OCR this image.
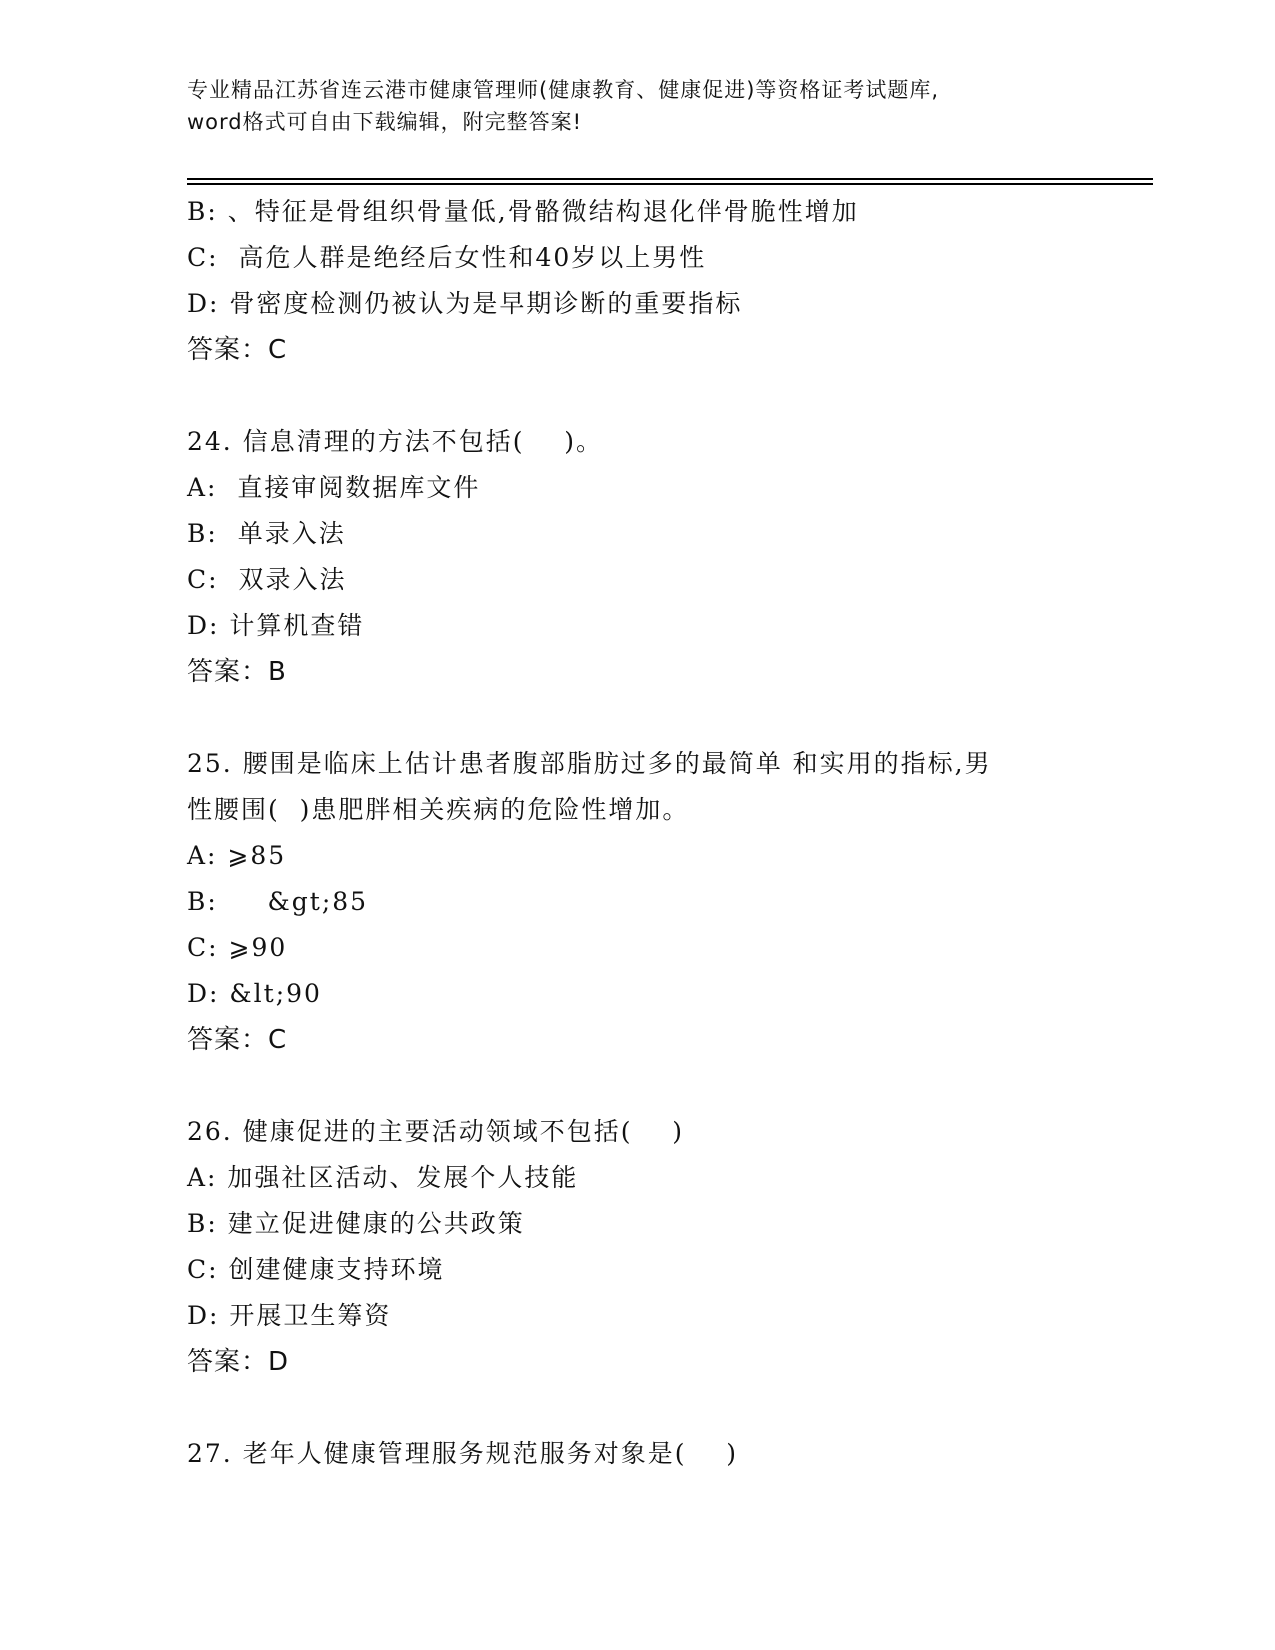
专业精品江苏省连云港市健康管理师(健康教育、健康促进)等资格证考试题库,
word格式可自由下载编辑，附完整答案!
B: 、特征是骨组织骨量低,骨骼微结构退化伴骨脆性增加
C:  高危人群是绝经后女性和40岁以上男性
D: 骨密度检测仍被认为是早期诊断的重要指标
答案：C
24. 信息清理的方法不包括(    )。
A:  直接审阅数据库文件
B:  单录入法
C:  双录入法
D: 计算机查错
答案：B
25. 腰围是临床上估计患者腹部脂肪过多的最简单 和实用的指标,男
性腰围(  )患肥胖相关疾病的危险性增加。
A: ⩾85
B:     &gt;85
C: ⩾90
D: &lt;90
答案：C
26. 健康促进的主要活动领域不包括(    )
A: 加强社区活动、发展个人技能
B: 建立促进健康的公共政策
C: 创建健康支持环境
D: 开展卫生筹资
答案：D
27. 老年人健康管理服务规范服务对象是(    )
